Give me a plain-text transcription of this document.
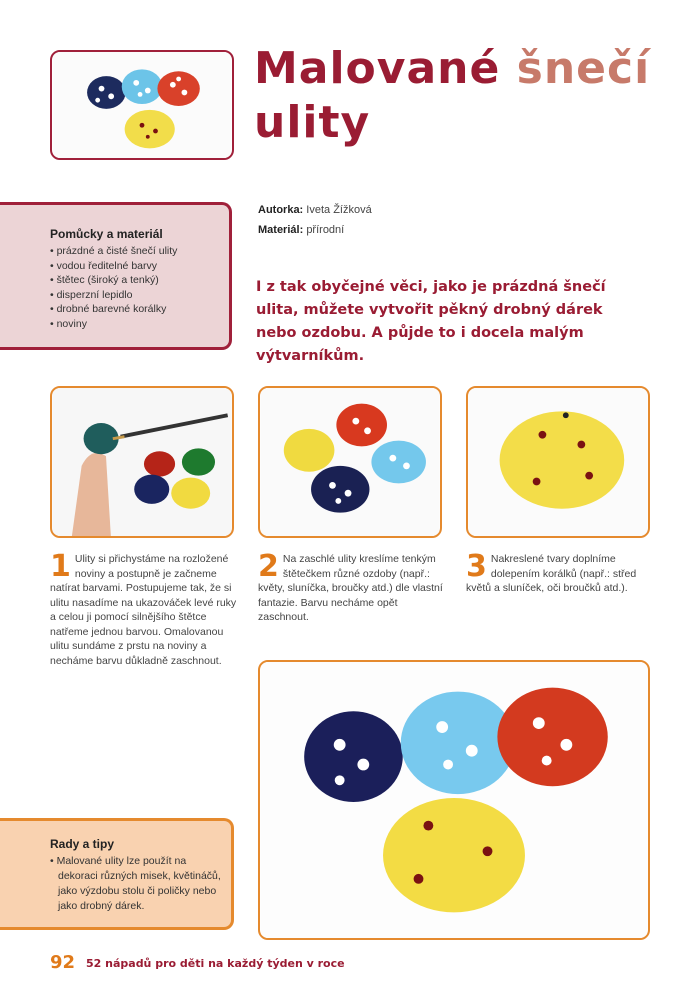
Malované šnečí
ulity
Autorka: Iveta Žížková
Materiál: přírodní
I z tak obyčejné věci, jako je prázdná šnečí ulita, můžete vytvořit pěkný drobný dárek nebo ozdobu. A půjde to i docela malým výtvarníkům.
Pomůcky a materiál
• prázdné a čisté šnečí ulity
• vodou ředitelné barvy
• štětec (široký a tenký)
• disperzní lepidlo
• drobné barevné korálky
• noviny
1 Ulity si přichystáme na rozložené noviny a postupně je začneme natírat barvami. Postupujeme tak, že si ulitu nasadíme na ukazováček levé ruky a celou ji pomocí silnějšího štětce natřeme jednou barvou. Omalovanou ulitu sundáme z prstu na noviny a necháme barvu důkladně zaschnout.
2 Na zaschlé ulity kreslíme tenkým štětečkem různé ozdoby (např.: květy, sluníčka, broučky atd.) dle vlastní fantazie. Barvu necháme opět zaschnout.
3 Nakreslené tvary doplníme dolepením korálků (např.: střed květů a sluníček, oči broučků atd.).
Rady a tipy
• Malované ulity lze použít na dekoraci různých misek, květináčů, jako výzdobu stolu či poličky nebo jako drobný dárek.
92 52 nápadů pro děti na každý týden v roce
